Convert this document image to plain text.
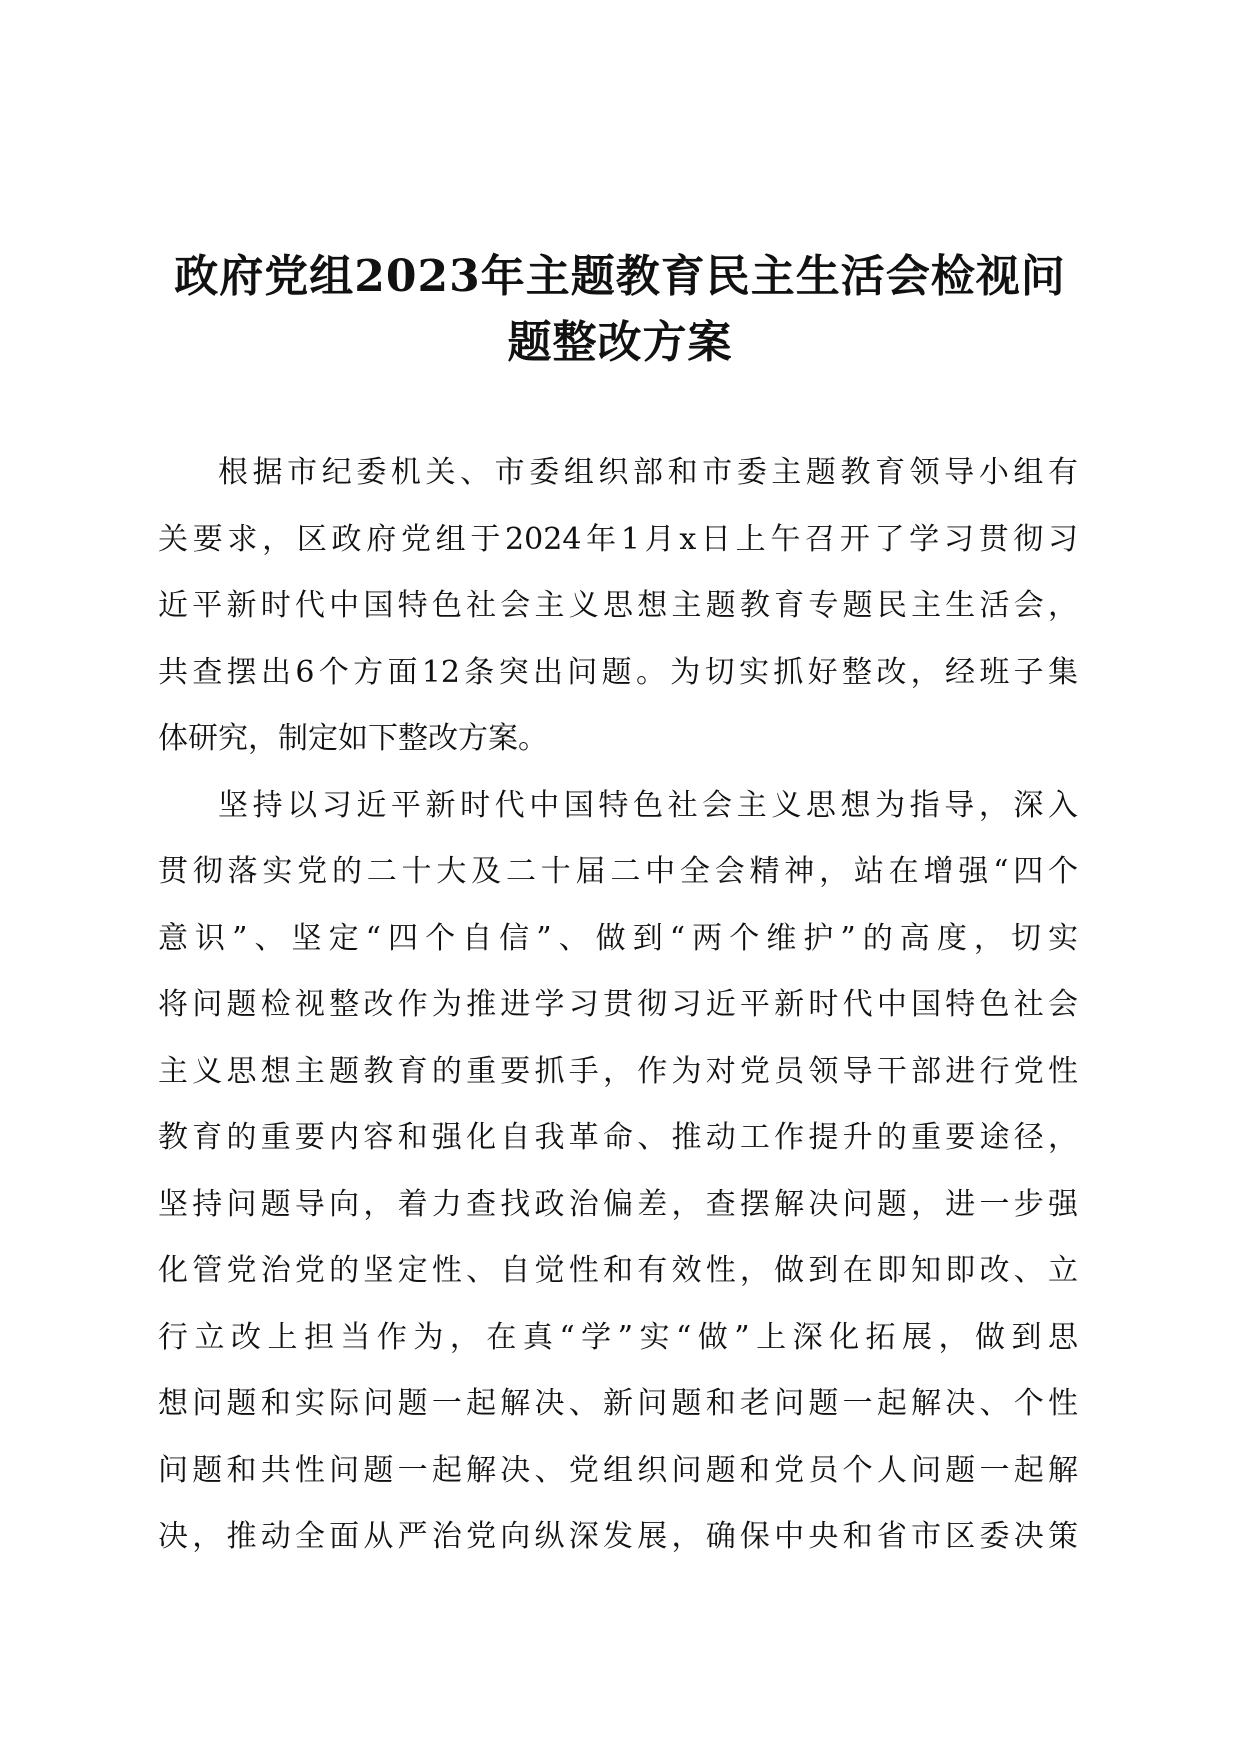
政府党组2023年主题教育民主生活会检视问
题整改方案
根据市纪委机关、市委组织部和市委主题教育领导小组有
关要求，区政府党组于2024年1月x日上午召开了学习贯彻习
近平新时代中国特色社会主义思想主题教育专题民主生活会，
共查摆出6个方面12条突出问题。为切实抓好整改，经班子集
体研究，制定如下整改方案。
坚持以习近平新时代中国特色社会主义思想为指导，深入
贯彻落实党的二十大及二十届二中全会精神，站在增强“四个
意识”、坚定“四个自信”、做到“两个维护”的高度，切实
将问题检视整改作为推进学习贯彻习近平新时代中国特色社会
主义思想主题教育的重要抓手，作为对党员领导干部进行党性
教育的重要内容和强化自我革命、推动工作提升的重要途径，
坚持问题导向，着力查找政治偏差，查摆解决问题，进一步强
化管党治党的坚定性、自觉性和有效性，做到在即知即改、立
行立改上担当作为，在真“学”实“做”上深化拓展，做到思
想问题和实际问题一起解决、新问题和老问题一起解决、个性
问题和共性问题一起解决、党组织问题和党员个人问题一起解
决，推动全面从严治党向纵深发展，确保中央和省市区委决策
